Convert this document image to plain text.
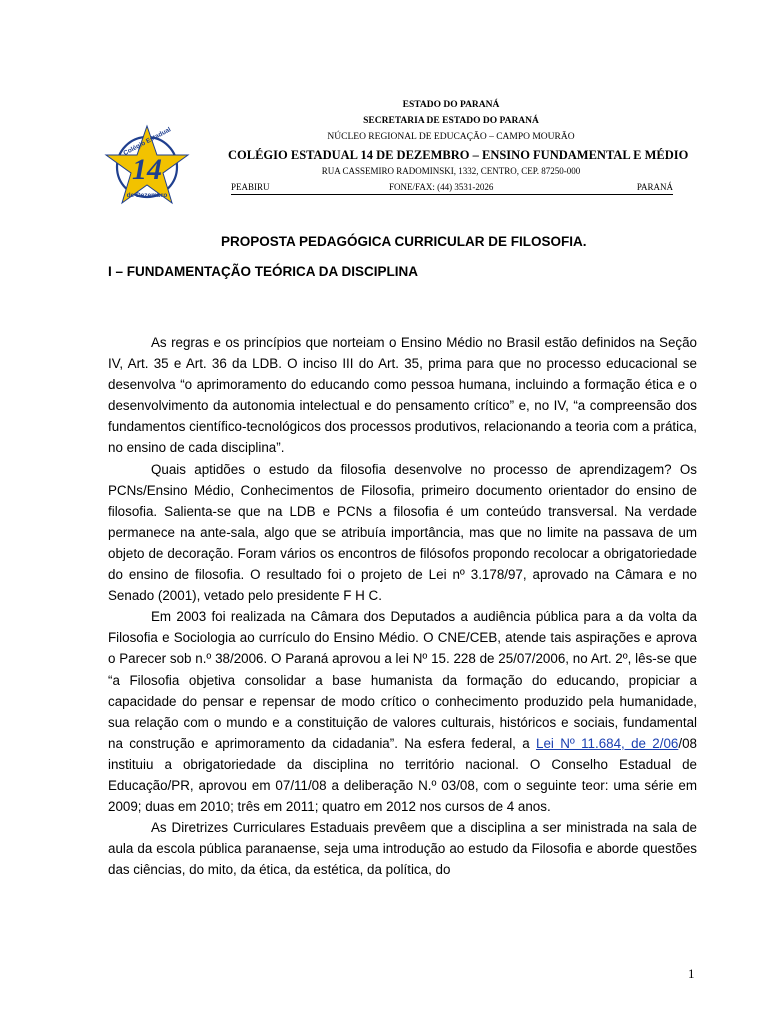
14
Colégio Estadual
de Dezembro
ESTADO DO PARANÁ
SECRETARIA DE ESTADO DO PARANÁ
NÚCLEO REGIONAL DE EDUCAÇÃO – CAMPO MOURÃO
COLÉGIO ESTADUAL 14 DE DEZEMBRO – ENSINO FUNDAMENTAL E MÉDIO
RUA CASSEMIRO RADOMINSKI, 1332, CENTRO, CEP. 87250-000
PEABIRU	FONE/FAX: (44) 3531-2026	PARANÁ
PROPOSTA PEDAGÓGICA CURRICULAR DE FILOSOFIA.
I – FUNDAMENTAÇÃO TEÓRICA DA DISCIPLINA

As regras e os princípios que norteiam o Ensino Médio no Brasil estão definidos na Seção IV, Art. 35 e Art. 36 da LDB. O inciso III do Art. 35, prima para que no processo educacional se desenvolva “o aprimoramento do educando como pessoa humana, incluindo a formação ética e o desenvolvimento da autonomia intelectual e do pensamento crítico” e, no IV, “a compreensão dos fundamentos científico-tecnológicos dos processos produtivos, relacionando a teoria com a prática, no ensino de cada disciplina”.

Quais aptidões o estudo da filosofia desenvolve no processo de aprendizagem? Os PCNs/Ensino Médio, Conhecimentos de Filosofia, primeiro documento orientador do ensino de filosofia. Salienta-se que na LDB e PCNs a filosofia é um conteúdo transversal. Na verdade permanece na ante-sala, algo que se atribuía importância, mas que no limite na passava de um objeto de decoração. Foram vários os encontros de filósofos propondo recolocar a obrigatoriedade do ensino de filosofia. O resultado foi o projeto de Lei nº 3.178/97, aprovado na Câmara e no Senado (2001), vetado pelo presidente F H C.

Em 2003 foi realizada na Câmara dos Deputados a audiência pública para a da volta da Filosofia e Sociologia ao currículo do Ensino Médio. O CNE/CEB, atende tais aspirações e aprova o Parecer sob n.º 38/2006. O Paraná aprovou a lei Nº 15. 228 de 25/07/2006, no Art. 2º, lês-se que “a Filosofia objetiva consolidar a base humanista da formação do educando, propiciar a capacidade do pensar e repensar de modo crítico o conhecimento produzido pela humanidade, sua relação com o mundo e a constituição de valores culturais, históricos e sociais, fundamental na construção e aprimoramento da cidadania”. Na esfera federal, a Lei Nº 11.684, de 2/06/08 instituiu a obrigatoriedade da disciplina no território nacional. O Conselho Estadual de Educação/PR, aprovou em 07/11/08 a deliberação N.º 03/08, com o seguinte teor: uma série em 2009; duas em 2010; três em 2011; quatro em 2012 nos cursos de 4 anos.

As Diretrizes Curriculares Estaduais prevêem que a disciplina a ser ministrada na sala de aula da escola pública paranaense, seja uma introdução ao estudo da Filosofia e aborde questões das ciências, do mito, da ética, da estética, da política, do

1
